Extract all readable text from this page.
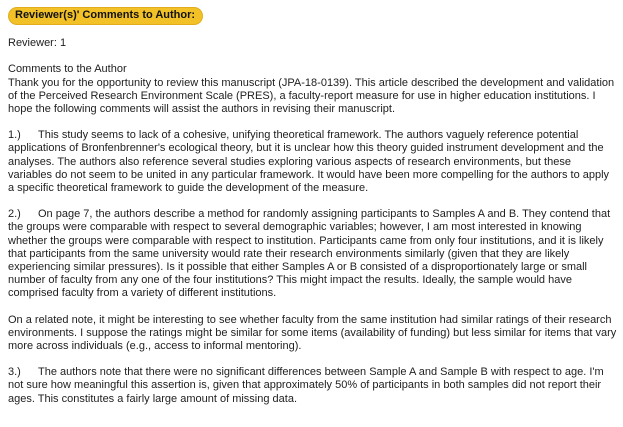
Reviewer(s)' Comments to Author:

Reviewer: 1

Comments to the Author
Thank you for the opportunity to review this manuscript (JPA-18-0139). This article described the development and validation of the Perceived Research Environment Scale (PRES), a faculty-report measure for use in higher education institutions. I hope the following comments will assist the authors in revising their manuscript.

1.) This study seems to lack of a cohesive, unifying theoretical framework. The authors vaguely reference potential applications of Bronfenbrenner's ecological theory, but it is unclear how this theory guided instrument development and the analyses. The authors also reference several studies exploring various aspects of research environments, but these variables do not seem to be united in any particular framework. It would have been more compelling for the authors to apply a specific theoretical framework to guide the development of the measure.

2.) On page 7, the authors describe a method for randomly assigning participants to Samples A and B. They contend that the groups were comparable with respect to several demographic variables; however, I am most interested in knowing whether the groups were comparable with respect to institution. Participants came from only four institutions, and it is likely that participants from the same university would rate their research environments similarly (given that they are likely experiencing similar pressures). Is it possible that either Samples A or B consisted of a disproportionately large or small number of faculty from any one of the four institutions? This might impact the results. Ideally, the sample would have comprised faculty from a variety of different institutions.

On a related note, it might be interesting to see whether faculty from the same institution had similar ratings of their research environments. I suppose the ratings might be similar for some items (availability of funding) but less similar for items that vary more across individuals (e.g., access to informal mentoring).

3.) The authors note that there were no significant differences between Sample A and Sample B with respect to age. I'm not sure how meaningful this assertion is, given that approximately 50% of participants in both samples did not report their ages. This constitutes a fairly large amount of missing data.
